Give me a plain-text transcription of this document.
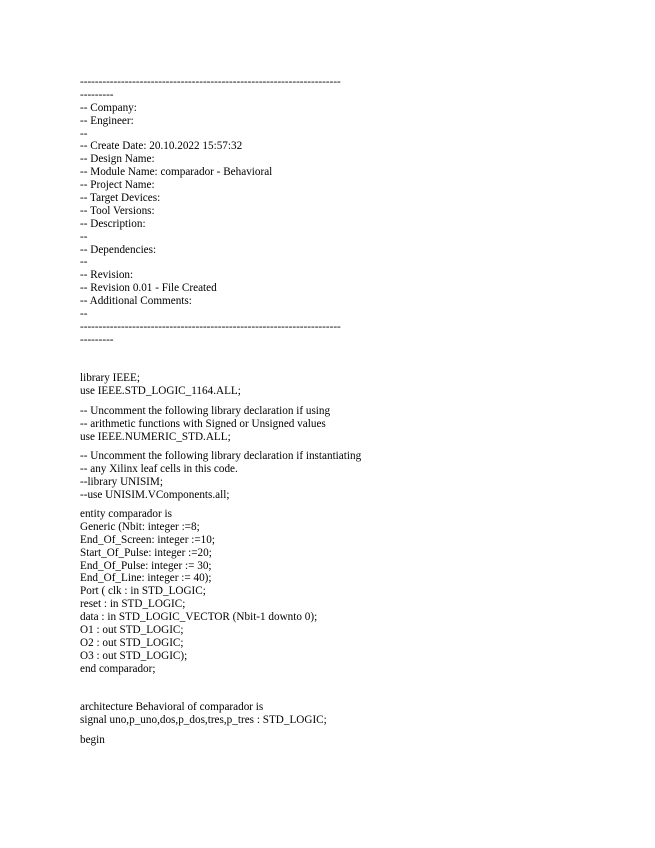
----------------------------------------------------------------------
---------
-- Company:
-- Engineer:
--
-- Create Date: 20.10.2022 15:57:32
-- Design Name:
-- Module Name: comparador - Behavioral
-- Project Name:
-- Target Devices:
-- Tool Versions:
-- Description:
--
-- Dependencies:
--
-- Revision:
-- Revision 0.01 - File Created
-- Additional Comments:
--
----------------------------------------------------------------------
---------
library IEEE;
use IEEE.STD_LOGIC_1164.ALL;
-- Uncomment the following library declaration if using
-- arithmetic functions with Signed or Unsigned values
use IEEE.NUMERIC_STD.ALL;
-- Uncomment the following library declaration if instantiating
-- any Xilinx leaf cells in this code.
--library UNISIM;
--use UNISIM.VComponents.all;
entity comparador is
Generic (Nbit: integer :=8;
End_Of_Screen: integer :=10;
Start_Of_Pulse: integer :=20;
End_Of_Pulse: integer := 30;
End_Of_Line: integer := 40);
Port ( clk : in STD_LOGIC;
reset : in STD_LOGIC;
data : in STD_LOGIC_VECTOR (Nbit-1 downto 0);
O1 : out STD_LOGIC;
O2 : out STD_LOGIC;
O3 : out STD_LOGIC);
end comparador;
architecture Behavioral of comparador is
signal uno,p_uno,dos,p_dos,tres,p_tres : STD_LOGIC;
begin
